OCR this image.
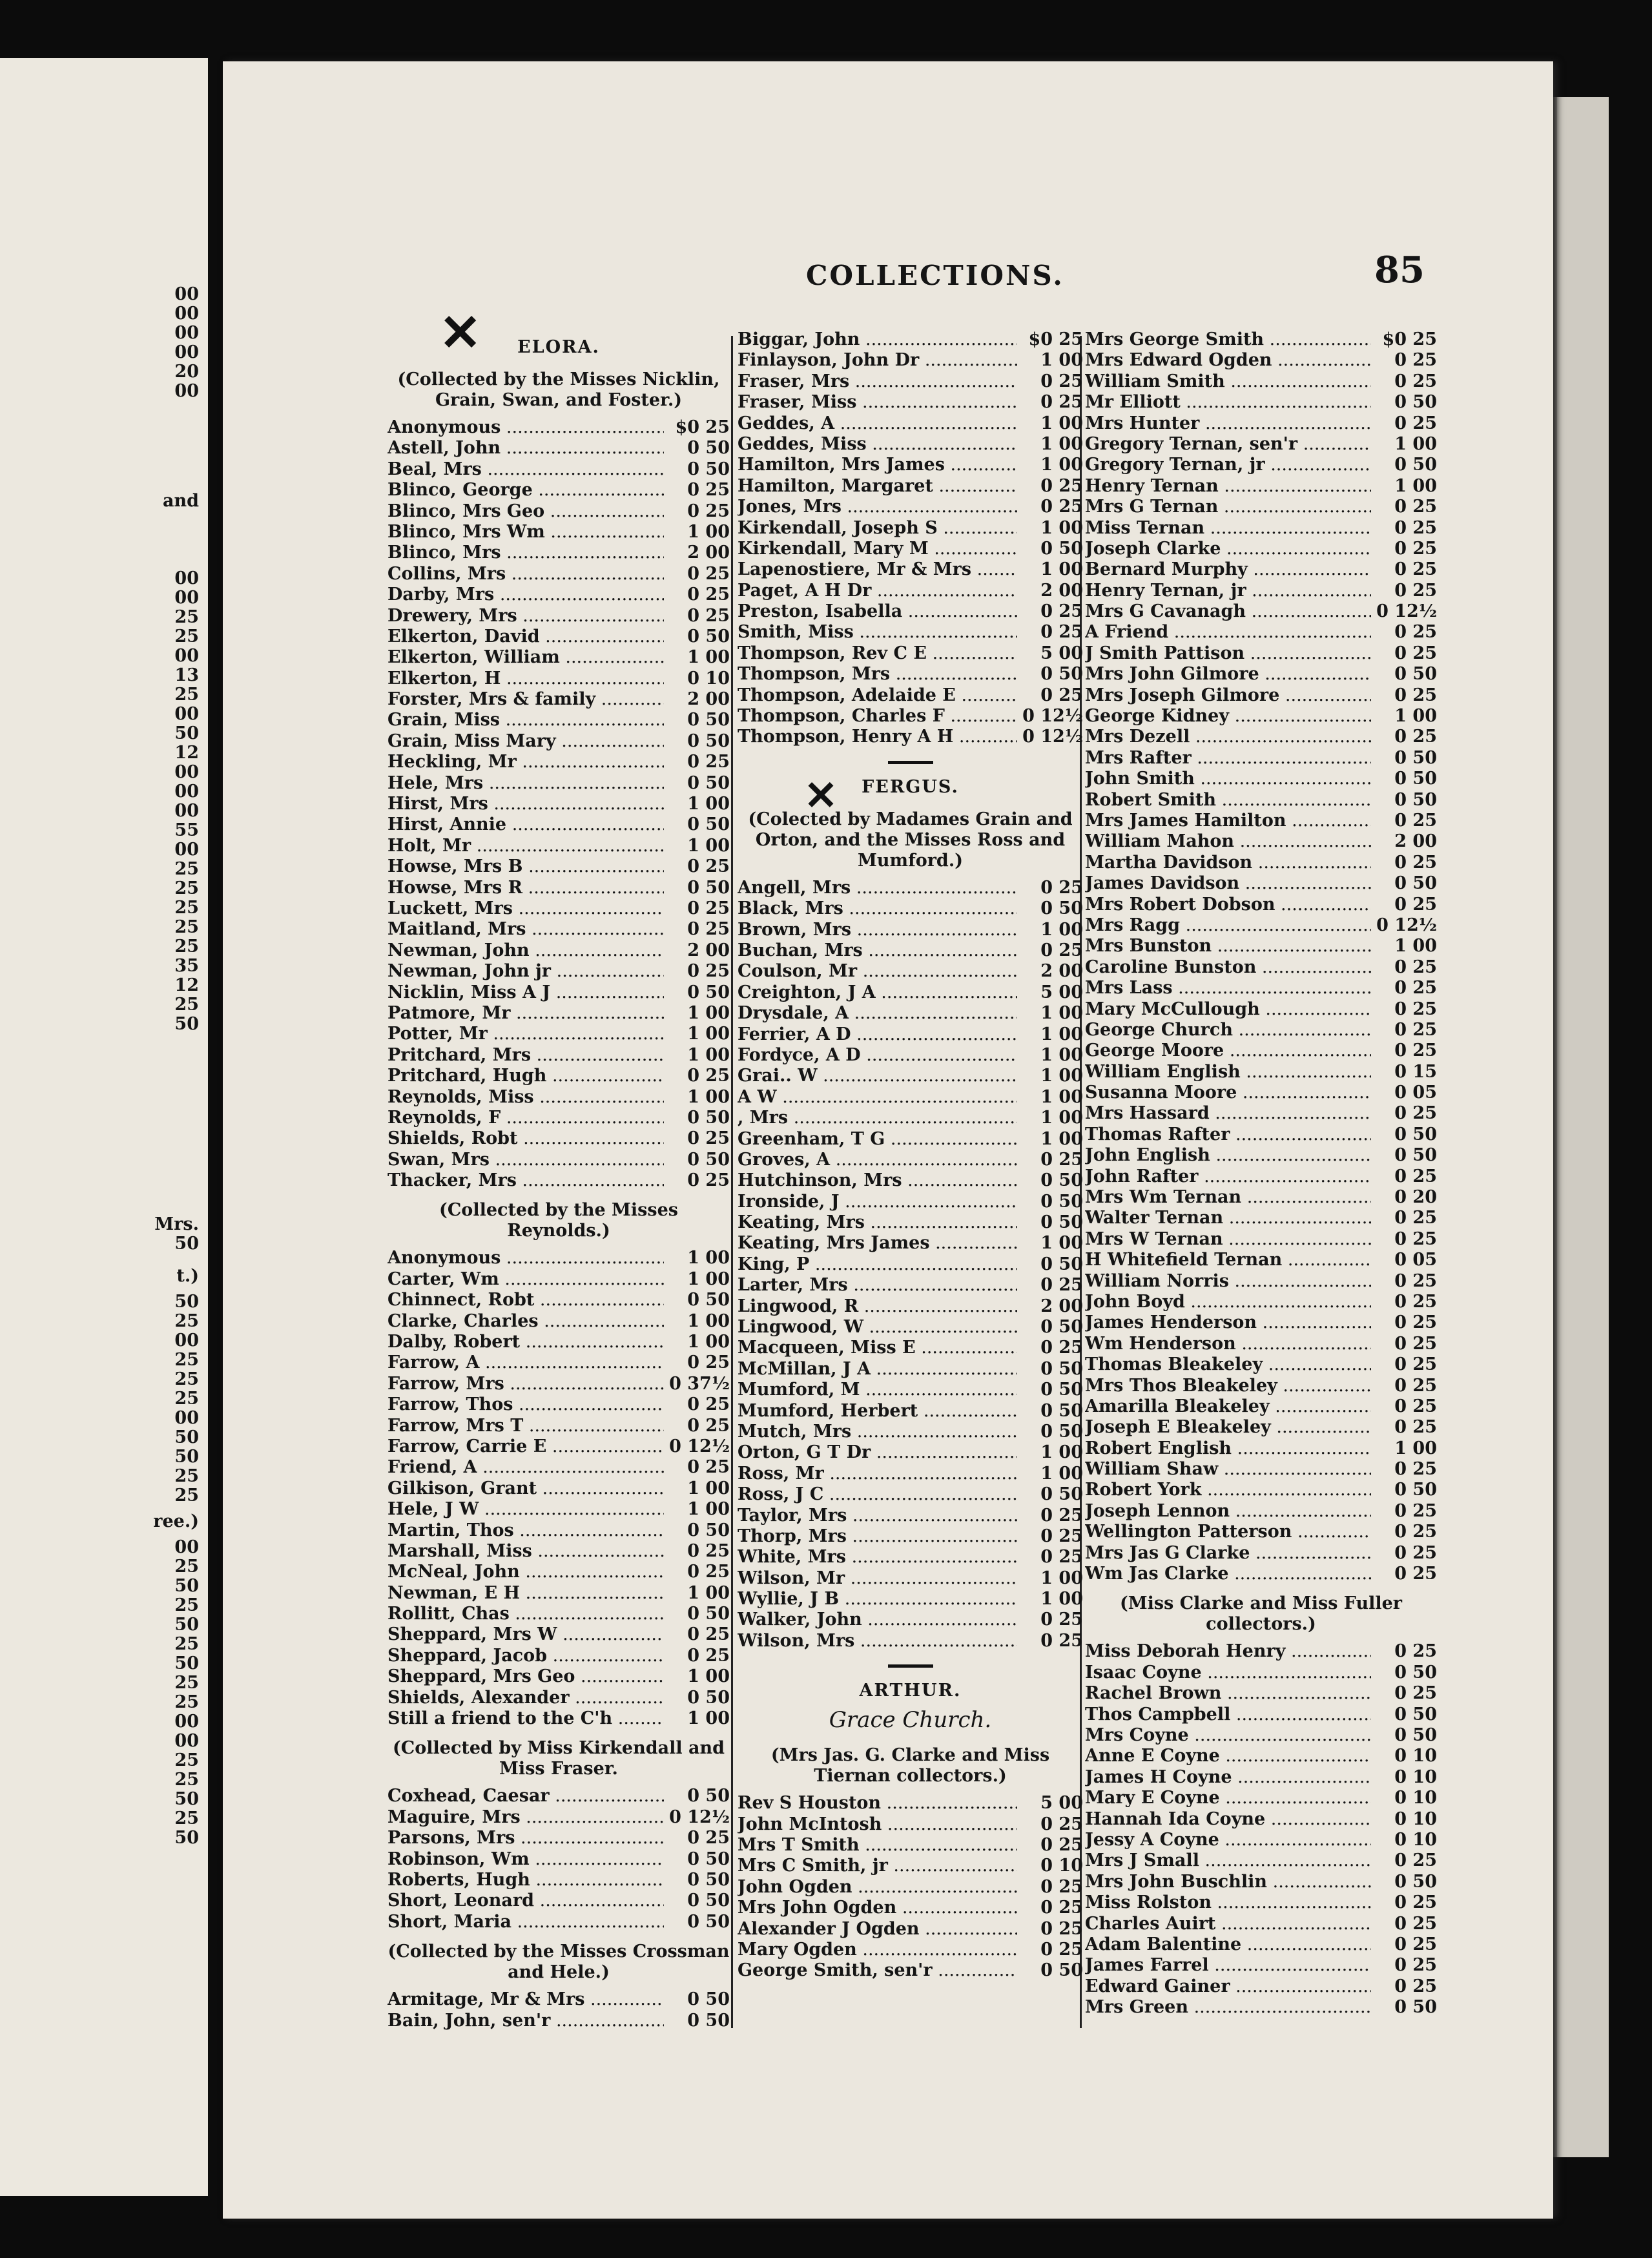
00
00
00
00
20
00
and
00
00
25
25
00
13
25
00
50
12
00
00
00
55
00
25
25
25
25
25
35
12
25
50
Mrs.
50
t.)
50
25
00
25
25
25
00
50
50
25
25
ree.)
00
25
50
25
50
25
50
25
25
00
00
25
25
50
25
50
COLLECTIONS.	85
✕
✕
ELORA.
(Collected by the Misses Nicklin, Grain, Swan, and Foster.)
Anonymous .....	$0 25
Astell, John .....	0 50
Beal, Mrs .....	0 50
Blinco, George .....	0 25
Blinco, Mrs Geo .....	0 25
Blinco, Mrs Wm .....	1 00
Blinco, Mrs .....	2 00
Collins, Mrs .....	0 25
Darby, Mrs .....	0 25
Drewery, Mrs .....	0 25
Elkerton, David .....	0 50
Elkerton, William .....	1 00
Elkerton, H .....	0 10
Forster, Mrs & family .....	2 00
Grain, Miss .....	0 50
Grain, Miss Mary .....	0 50
Heckling, Mr .....	0 25
Hele, Mrs .....	0 50
Hirst, Mrs .....	1 00
Hirst, Annie .....	0 50
Holt, Mr .....	1 00
Howse, Mrs B .....	0 25
Howse, Mrs R .....	0 50
Luckett, Mrs .....	0 25
Maitland, Mrs .....	0 25
Newman, John .....	2 00
Newman, John jr .....	0 25
Nicklin, Miss A J .....	0 50
Patmore, Mr .....	1 00
Potter, Mr .....	1 00
Pritchard, Mrs .....	1 00
Pritchard, Hugh .....	0 25
Reynolds, Miss .....	1 00
Reynolds, F .....	0 50
Shields, Robt .....	0 25
Swan, Mrs .....	0 50
Thacker, Mrs .....	0 25
(Collected by the Misses Reynolds.)
Anonymous .....	1 00
Carter, Wm .....	1 00
Chinnect, Robt .....	0 50
Clarke, Charles .....	1 00
Dalby, Robert .....	1 00
Farrow, A .....	0 25
Farrow, Mrs .....	0 37½
Farrow, Thos .....	0 25
Farrow, Mrs T .....	0 25
Farrow, Carrie E .....	0 12½
Friend, A .....	0 25
Gilkison, Grant .....	1 00
Hele, J W .....	1 00
Martin, Thos .....	0 50
Marshall, Miss .....	0 25
McNeal, John .....	0 25
Newman, E H .....	1 00
Rollitt, Chas .....	0 50
Sheppard, Mrs W .....	0 25
Sheppard, Jacob .....	0 25
Sheppard, Mrs Geo .....	1 00
Shields, Alexander .....	0 50
Still a friend to the C'h .....	1 00
(Collected by Miss Kirkendall and Miss Fraser.
Coxhead, Caesar .....	0 50
Maguire, Mrs .....	0 12½
Parsons, Mrs .....	0 25
Robinson, Wm .....	0 50
Roberts, Hugh .....	0 50
Short, Leonard .....	0 50
Short, Maria .....	0 50
(Collected by the Misses Crossman and Hele.)
Armitage, Mr & Mrs .....	0 50
Bain, John, sen'r .....	0 50
Biggar, John .....	$0 25
Finlayson, John Dr .....	1 00
Fraser, Mrs .....	0 25
Fraser, Miss .....	0 25
Geddes, A .....	1 00
Geddes, Miss .....	1 00
Hamilton, Mrs James .....	1 00
Hamilton, Margaret .....	0 25
Jones, Mrs .....	0 25
Kirkendall, Joseph S .....	1 00
Kirkendall, Mary M .....	0 50
Lapenostiere, Mr & Mrs .....	1 00
Paget, A H Dr .....	2 00
Preston, Isabella .....	0 25
Smith, Miss .....	0 25
Thompson, Rev C E .....	5 00
Thompson, Mrs .....	0 50
Thompson, Adelaide E .....	0 25
Thompson, Charles F .....	0 12½
Thompson, Henry A H .....	0 12½
FERGUS.
(Colected by Madames Grain and Orton, and the Misses Ross and Mumford.)
Angell, Mrs .....	0 25
Black, Mrs .....	0 50
Brown, Mrs .....	1 00
Buchan, Mrs .....	0 25
Coulson, Mr .....	2 00
Creighton, J A .....	5 00
Drysdale, A .....	1 00
Ferrier, A D .....	1 00
Fordyce, A D .....	1 00
Grai.. W .....	1 00
A W .....	1 00
, Mrs .....	1 00
Greenham, T G .....	1 00
Groves, A .....	0 25
Hutchinson, Mrs .....	0 50
Ironside, J .....	0 50
Keating, Mrs .....	0 50
Keating, Mrs James .....	1 00
King, P .....	0 50
Larter, Mrs .....	0 25
Lingwood, R .....	2 00
Lingwood, W .....	0 50
Macqueen, Miss E .....	0 25
McMillan, J A .....	0 50
Mumford, M .....	0 50
Mumford, Herbert .....	0 50
Mutch, Mrs .....	0 50
Orton, G T Dr .....	1 00
Ross, Mr .....	1 00
Ross, J C .....	0 50
Taylor, Mrs .....	0 25
Thorp, Mrs .....	0 25
White, Mrs .....	0 25
Wilson, Mr .....	1 00
Wyllie, J B .....	1 00
Walker, John .....	0 25
Wilson, Mrs .....	0 25
ARTHUR.
Grace Church.
(Mrs Jas. G. Clarke and Miss Tiernan collectors.)
Rev S Houston .....	5 00
John McIntosh .....	0 25
Mrs T Smith .....	0 25
Mrs C Smith, jr .....	0 10
John Ogden .....	0 25
Mrs John Ogden .....	0 25
Alexander J Ogden .....	0 25
Mary Ogden .....	0 25
George Smith, sen'r .....	0 50
Mrs George Smith .....	$0 25
Mrs Edward Ogden .....	0 25
William Smith .....	0 25
Mr Elliott .....	0 50
Mrs Hunter .....	0 25
Gregory Ternan, sen'r .....	1 00
Gregory Ternan, jr .....	0 50
Henry Ternan .....	1 00
Mrs G Ternan .....	0 25
Miss Ternan .....	0 25
Joseph Clarke .....	0 25
Bernard Murphy .....	0 25
Henry Ternan, jr .....	0 25
Mrs G Cavanagh .....	0 12½
A Friend .....	0 25
J Smith Pattison .....	0 25
Mrs John Gilmore .....	0 50
Mrs Joseph Gilmore .....	0 25
George Kidney .....	1 00
Mrs Dezell .....	0 25
Mrs Rafter .....	0 50
John Smith .....	0 50
Robert Smith .....	0 50
Mrs James Hamilton .....	0 25
William Mahon .....	2 00
Martha Davidson .....	0 25
James Davidson .....	0 50
Mrs Robert Dobson .....	0 25
Mrs Ragg .....	0 12½
Mrs Bunston .....	1 00
Caroline Bunston .....	0 25
Mrs Lass .....	0 25
Mary McCullough .....	0 25
George Church .....	0 25
George Moore .....	0 25
William English .....	0 15
Susanna Moore .....	0 05
Mrs Hassard .....	0 25
Thomas Rafter .....	0 50
John English .....	0 50
John Rafter .....	0 25
Mrs Wm Ternan .....	0 20
Walter Ternan .....	0 25
Mrs W Ternan .....	0 25
H Whitefield Ternan .....	0 05
William Norris .....	0 25
John Boyd .....	0 25
James Henderson .....	0 25
Wm Henderson .....	0 25
Thomas Bleakeley .....	0 25
Mrs Thos Bleakeley .....	0 25
Amarilla Bleakeley .....	0 25
Joseph E Bleakeley .....	0 25
Robert English .....	1 00
William Shaw .....	0 25
Robert York .....	0 50
Joseph Lennon .....	0 25
Wellington Patterson .....	0 25
Mrs Jas G Clarke .....	0 25
Wm Jas Clarke .....	0 25
(Miss Clarke and Miss Fuller collectors.)
Miss Deborah Henry .....	0 25
Isaac Coyne .....	0 50
Rachel Brown .....	0 25
Thos Campbell .....	0 50
Mrs Coyne .....	0 50
Anne E Coyne .....	0 10
James H Coyne .....	0 10
Mary E Coyne .....	0 10
Hannah Ida Coyne .....	0 10
Jessy A Coyne .....	0 10
Mrs J Small .....	0 25
Mrs John Buschlin .....	0 50
Miss Rolston .....	0 25
Charles Auirt .....	0 25
Adam Balentine .....	0 25
James Farrel .....	0 25
Edward Gainer .....	0 25
Mrs Green .....	0 50
